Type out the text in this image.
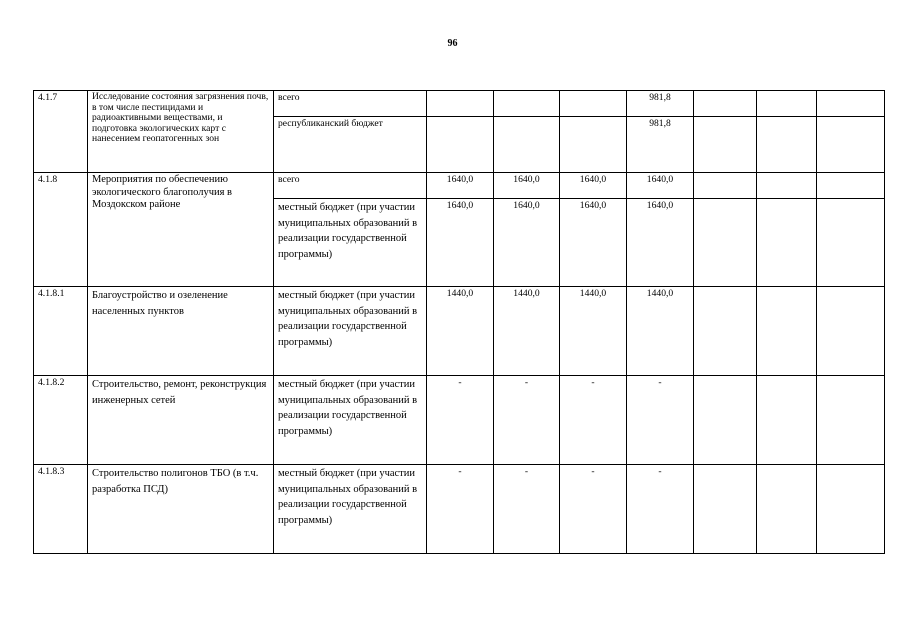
96
4.1.7	Исследование состояния загрязнения почв, в том числе пестицидами и радиоактивными веществами, и подготовка экологических карт с нанесением геопатогенных зон	всего				981,8			
		республиканский бюджет				981,8			
4.1.8	Мероприятия по обеспечению экологического благополучия в Моздокском районе	всего	1640,0	1640,0	1640,0	1640,0			
		местный бюджет (при участии муниципальных образований в реализации государственной программы)	1640,0	1640,0	1640,0	1640,0			
4.1.8.1	Благоустройство и озеленение населенных пунктов	местный бюджет (при участии муниципальных образований в реализации государственной программы)	1440,0	1440,0	1440,0	1440,0			
4.1.8.2	Строительство, ремонт, реконструкция инженерных сетей	местный бюджет (при участии муниципальных образований в реализации государственной программы)	-	-	-	-			
4.1.8.3	Строительство полигонов ТБО (в т.ч. разработка ПСД)	местный бюджет (при участии муниципальных образований в реализации государственной программы)	-	-	-	-			
